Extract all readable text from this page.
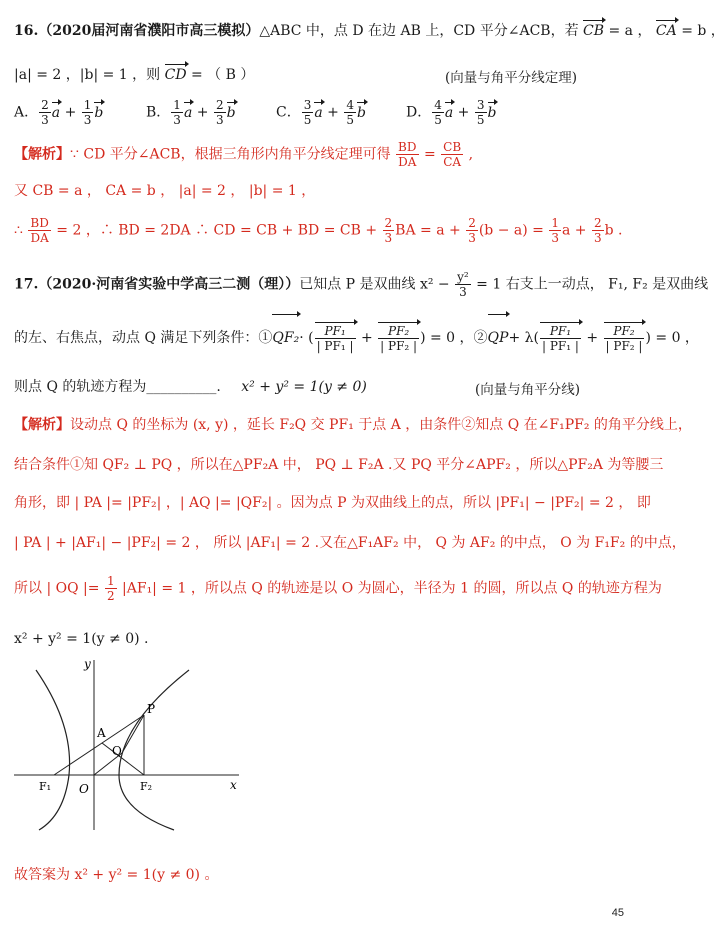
16.（2020届河南省濮阳市高三模拟）△ABC 中，点 D 在边 AB 上，CD 平分∠ACB，若 CB = a ， CA = b ，
|a| = 2 ，|b| = 1 ，则 CD = （ B ）	(向量与角平分线定理)
A． $\frac{2}{3}$ $a + \frac{1}{3}$ b	B． $\frac{1}{3}$ $a + \frac{2}{3}$ b	C． $\frac{3}{5}$ $a + \frac{4}{5}$ b	D． $\frac{4}{5}$ $a + \frac{3}{5}$ b
【解析】∵ CD 平分∠ACB，根据三角形内角平分线定理可得 $\frac{BD}{DA} = \frac{CB}{CA}$ ,
又 CB = a ， CA = b ， |a| = 2 ， |b| = 1 ，
∴ $\frac{BD}{DA} = 2$ ，∴ BD = 2DA ∴ CD = CB + BD = CB + $\frac{2}{3}$ BA = $a + \frac{2}{3} (b - a) = \frac{1}{3}$ $a + \frac{2}{3}$ b .
17.（2020·河南省实验中学高三二测（理））已知点 P 是双曲线 $x^2 - \frac{\text{y²}}{3} = 1$ 右支上一动点， F₁, F₂ 是双曲线
的左、右焦点，动点 Q 满足下列条件：①QF₂· ( $\frac{\text{PF₁}}{\text{| PF₁ |}} + \frac{\text{PF₂}}{\text{| PF₂ |}}$ ) = 0 ，②QP+ $\lambda( \frac{\text{PF₁}}{\text{| PF₁ |}} + \frac{\text{PF₂}}{\text{| PF₂ |}}$ ) = 0 ，
则点 Q 的轨迹方程为__________. x² + y² = 1(y ≠ 0)	(向量与角平分线)
【解析】设动点 Q 的坐标为 (x, y) ，延长 F₂Q 交 PF₁ 于点 A ，由条件②知点 Q 在∠F₁PF₂ 的角平分线上，
结合条件①知 QF₂ ⊥ PQ ，所以在△PF₂A 中， PQ ⊥ F₂A .又 PQ 平分∠APF₂ ，所以△PF₂A 为等腰三
角形，即 | PA |= |PF₂| ，| AQ |= |QF₂| 。因为点 P 为双曲线上的点，所以 |PF₁| − |PF₂| = 2 ， 即
| PA | + |AF₁| − |PF₂| = 2 ， 所以 |AF₁| = 2 .又在△F₁AF₂ 中， Q 为 AF₂ 的中点， O 为 F₁F₂ 的中点，
所以 | OQ |= $\frac{1}{2} |AF_1| = 1$ ，所以点 Q 的轨迹是以 O 为圆心，半径为 1 的圆，所以点 Q 的轨迹方程为
x² + y² = 1(y ≠ 0) .
y
x
A
P
Q
O
F₁	F₂
故答案为 x² + y² = 1(y ≠ 0) 。
45
